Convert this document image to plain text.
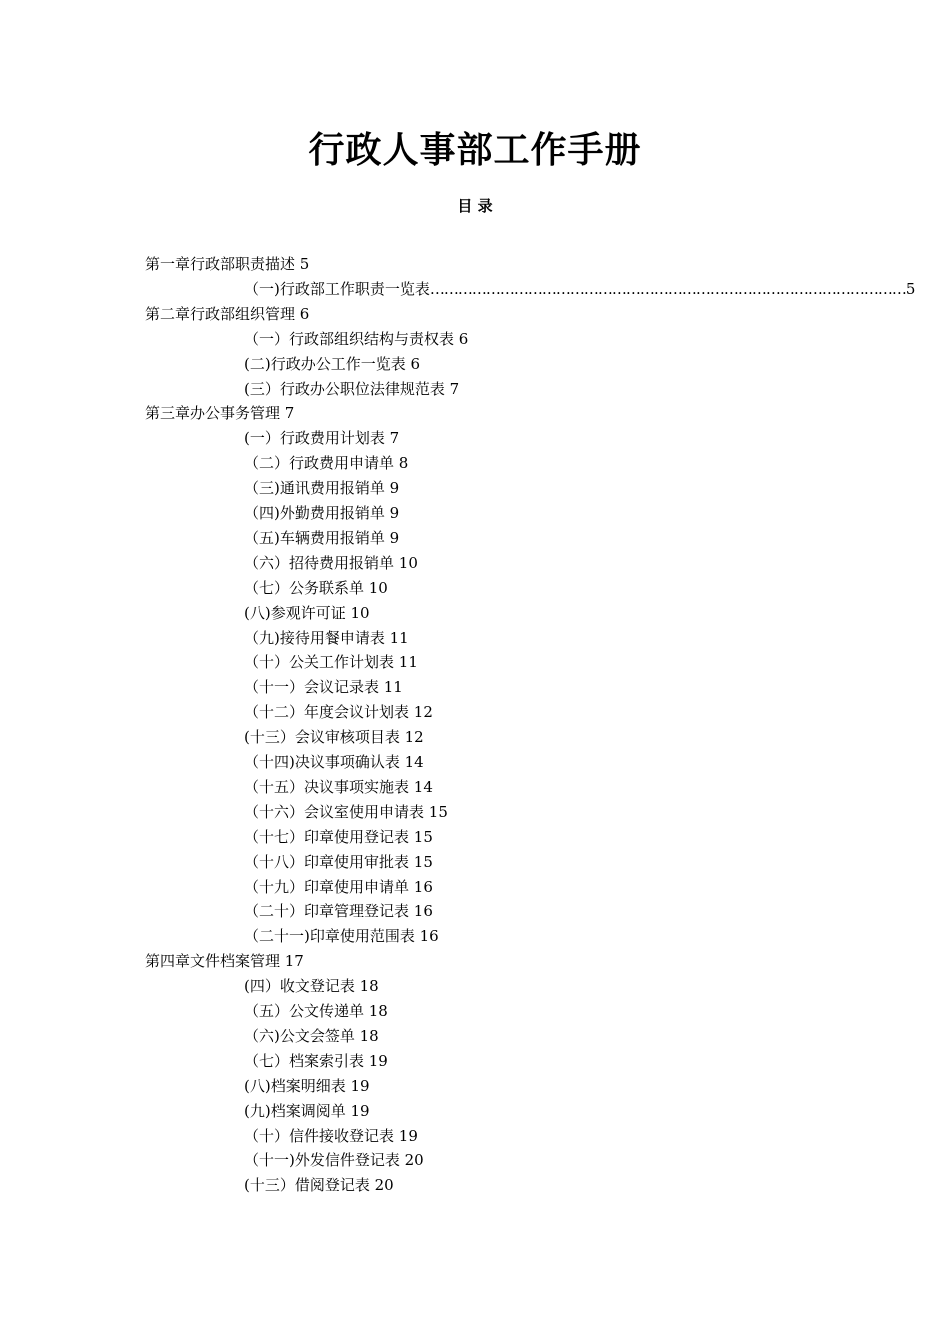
行政人事部工作手册
目 录
第一章行政部职责描述 5
（一)行政部工作职责一览表 ………………………………………………………………………………………… 5
第二章行政部组织管理 6
（一）行政部组织结构与责权表 6
(二)行政办公工作一览表 6
(三）行政办公职位法律规范表 7
第三章办公事务管理 7
(一）行政费用计划表 7
（二）行政费用申请单 8
（三)通讯费用报销单 9
（四)外勤费用报销单 9
（五)车辆费用报销单 9
（六）招待费用报销单 10
（七）公务联系单 10
(八)参观许可证 10
（九)接待用餐申请表 11
（十）公关工作计划表 11
（十一）会议记录表 11
（十二）年度会议计划表 12
(十三）会议审核项目表 12
（十四)决议事项确认表 14
（十五）决议事项实施表 14
（十六）会议室使用申请表 15
（十七）印章使用登记表 15
（十八）印章使用审批表 15
（十九）印章使用申请单 16
（二十）印章管理登记表 16
（二十一)印章使用范围表 16
第四章文件档案管理 17
(四）收文登记表 18
（五）公文传递单 18
（六)公文会签单 18
（七）档案索引表 19
(八)档案明细表 19
(九)档案调阅单 19
（十）信件接收登记表 19
（十一)外发信件登记表 20
(十三）借阅登记表 20
